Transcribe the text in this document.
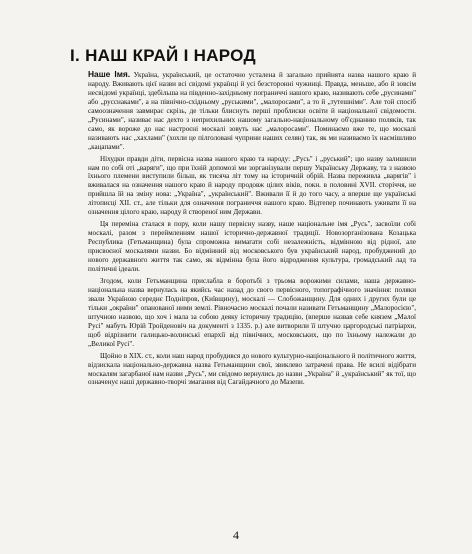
I. НАШ КРАЙ І НАРОД

Наше Імя. Україна, український, це остаточно усталена й загально прийнята назва нашого краю й народу. Вживають цієї назви всі свідомі українці й усі безсторонні чужинці. Правда, меньше, або й зовсім несвідомі українці, здебільша на південно-західньому пограниччі нашого краю, називають себе „русинами" або „русснаками", а на північно-східньому „руськими", „малоросами", а то й „тутешніми". Але той спосіб самоозначення завмирає скрізь, де тільки блиснуть перші проблиски освіти й національної свідомости. „Русинами", називає нас дехто з неприхильних нашому загально-національному об'єднанню поляків, так само, як вороже до нас настроєні москалі зовуть нас „малоросами". Поминаємо вже те, що москалі називають нас „хахлами" (хохли це пілголовані чуприни наших селян) так, як ми називаємо їх насмішливо „кацапами".

Ніхудки правди діти, первісна назва нашого краю та народу: „Русь" і „руський"; цю назву залишили нам по собі оті „варяги", що при їхній допомозі ми зорганізували першу Українську Державу, та з назвою їхнього племени виступили більш, як тисяча літ тому на історичній обрій. Назва переживла „варягів" і вживалася на означення нашого краю й народу продовж цілих віків, покн. в половині XVII. сторіччя, не прийшла їй на зміну нова: „Україна", „український". Вживали її й до того часу, а вперше ще українські літописці XII. ст., але тільки для означення пограниччя нашого краю. Відтепер починають уживати її на означення цілого краю, народу й створеної ним Держави.

Ця переміна сталася в пору, коли нашу первісну назву, наше національне імя „Русь", засвоїли собі москалі, разом з переймленням нашої історично-державної традиції. Новозорганізована Козацька Республика (Гетьманщина) була спроможна вимагати собі незалежність, відмінною від рідної, але присвоєної москалями назви. Бо відмінний від московського був український народ, пробуджений до нового державного життя так само, як відмінна була його відродження культура, громадський лад та політичні ідеали.

Згодом, коли Гетьманщина прислабла в боротьбі з трьома ворожими силами, наша державно-національна назва вернулась на якийсь час назад до свого первісного, топографічного значіння: поляки звали Україною середнє Подніпров, (Київщину), москалі — Слобожанщину. Для одних і других були це тільки „окраїни" опанованої ними землі. Рівночасно москалі почали називати Гетьманщину „Малоросією", штучною назвою, що хоч і мала за собою деяку історичну традицію, (вперше назвав себе князем „Малої Русі" мабуть Юрій Тройденовіч на документі з 1335. р.) але витворили її штучно царгородські патріархи, щоб відрізнити галицько-волинські епархії від північних, московських, що по їхньому належали до „Великої Русі".

Щойно в XIX. ст., коли наш народ пробудився до нового культурно-національного й політичного життя, відзискала національно-державна назва Гетьманщини свої, звиклево затрачені права. Не всилі відібрати москалям загарбаної нам назви „Русь", ми свідомо вернулись до назви „Україна" й „український" як тої, що означенує наші державно-творчі змагання від Сагайдачного до Мазепи.

4
